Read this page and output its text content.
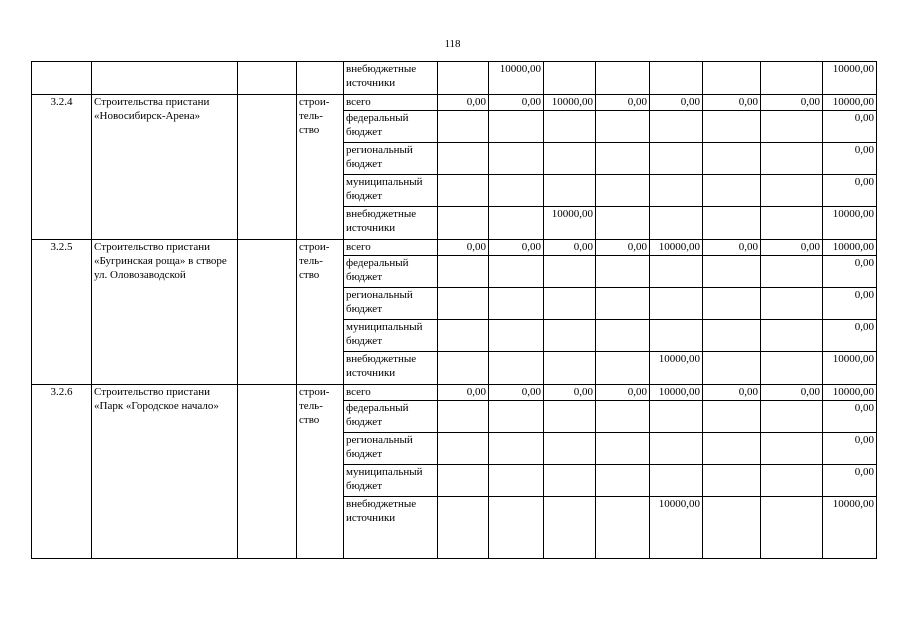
118
				внебюджетные источники		10000,00						10000,00
3.2.4	Строительства пристани «Новосибирск-Арена»		строи-тель-ство	всего	0,00	0,00	10000,00	0,00	0,00	0,00	0,00	10000,00
				федеральный бюджет								0,00
				региональный бюджет								0,00
				муниципальный бюджет								0,00
				внебюджетные источники			10000,00					10000,00
3.2.5	Строительство пристани «Бугринская роща» в створе ул. Оловозаводской		строи-тель-ство	всего	0,00	0,00	0,00	0,00	10000,00	0,00	0,00	10000,00
				федеральный бюджет								0,00
				региональный бюджет								0,00
				муниципальный бюджет								0,00
				внебюджетные источники					10000,00			10000,00
3.2.6	Строительство пристани «Парк «Городское начало»		строи-тель-ство	всего	0,00	0,00	0,00	0,00	10000,00	0,00	0,00	10000,00
				федеральный бюджет								0,00
				региональный бюджет								0,00
				муниципальный бюджет								0,00
				внебюджетные источники					10000,00			10000,00
